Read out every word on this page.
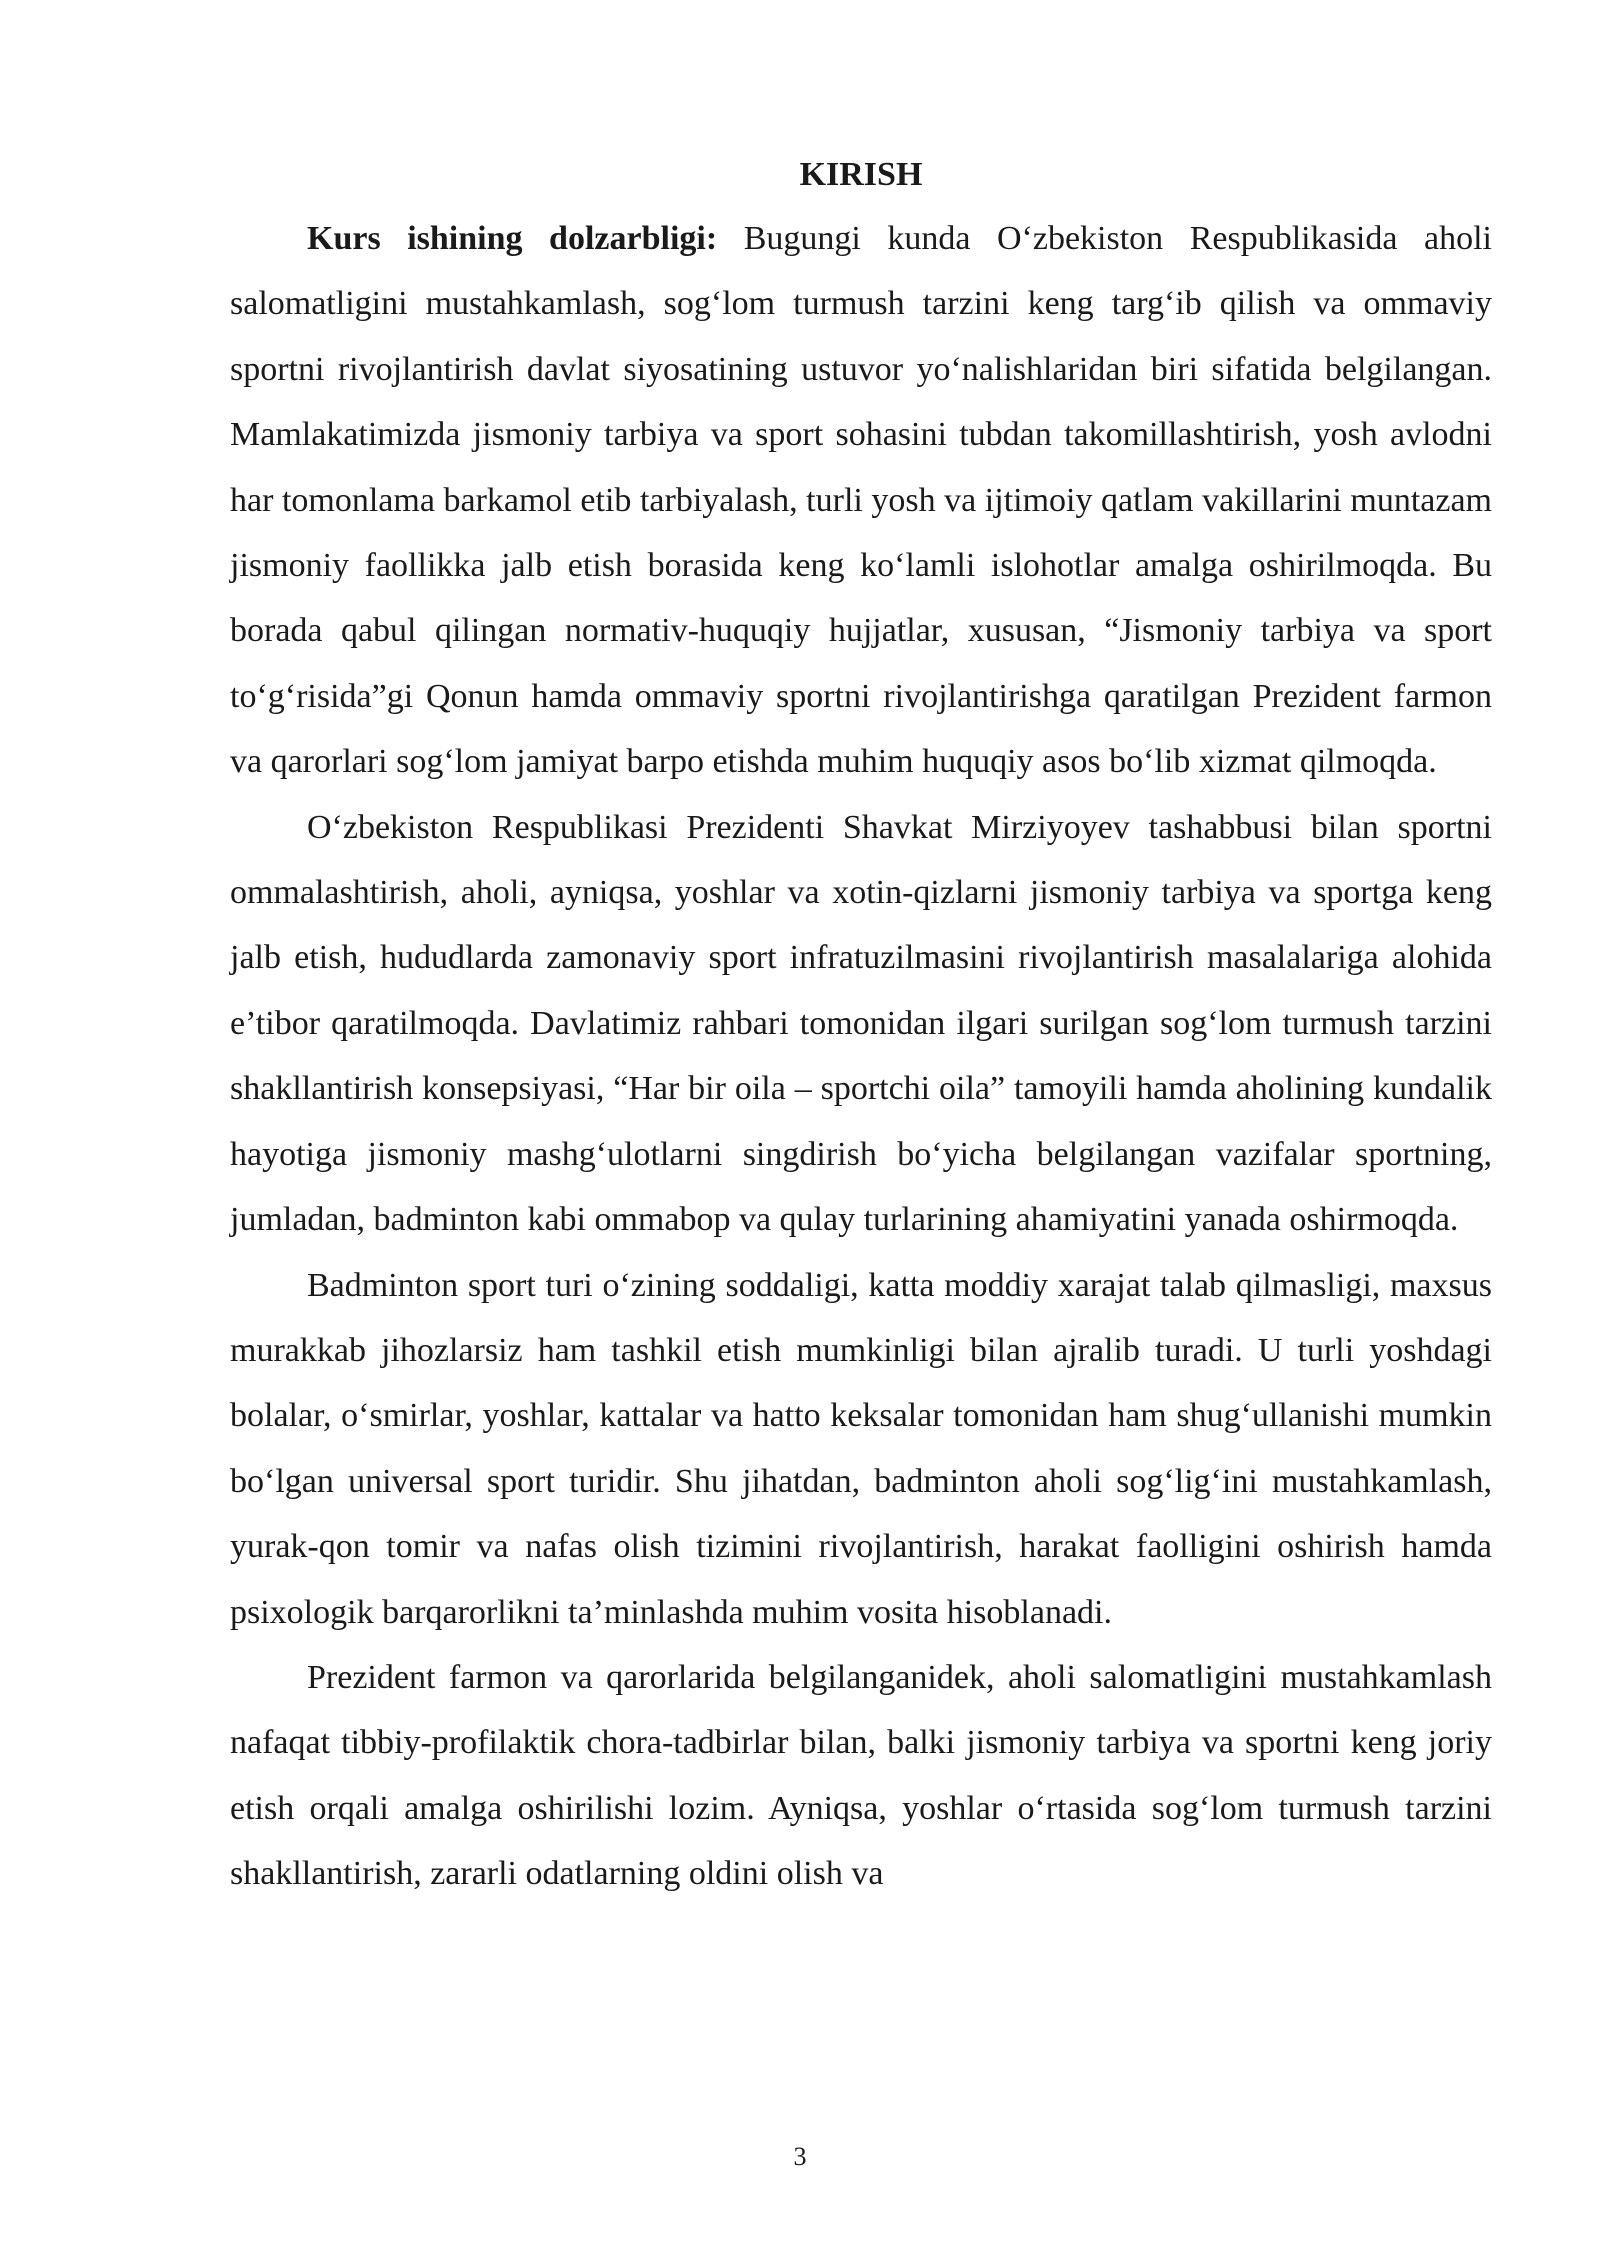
KIRISH

Kurs ishining dolzarbligi: Bugungi kunda O‘zbekiston Respublikasida aholi salomatligini mustahkamlash, sog‘lom turmush tarzini keng targ‘ib qilish va ommaviy sportni rivojlantirish davlat siyosatining ustuvor yo‘nalishlaridan biri sifatida belgilangan. Mamlakatimizda jismoniy tarbiya va sport sohasini tubdan takomillashtirish, yosh avlodni har tomonlama barkamol etib tarbiyalash, turli yosh va ijtimoiy qatlam vakillarini muntazam jismoniy faollikka jalb etish borasida keng ko‘lamli islohotlar amalga oshirilmoqda. Bu borada qabul qilingan normativ-huquqiy hujjatlar, xususan, “Jismoniy tarbiya va sport to‘g‘risida”gi Qonun hamda ommaviy sportni rivojlantirishga qaratilgan Prezident farmon va qarorlari sog‘lom jamiyat barpo etishda muhim huquqiy asos bo‘lib xizmat qilmoqda.

O‘zbekiston Respublikasi Prezidenti Shavkat Mirziyoyev tashabbusi bilan sportni ommalashtirish, aholi, ayniqsa, yoshlar va xotin-qizlarni jismoniy tarbiya va sportga keng jalb etish, hududlarda zamonaviy sport infratuzilmasini rivojlantirish masalalariga alohida e’tibor qaratilmoqda. Davlatimiz rahbari tomonidan ilgari surilgan sog‘lom turmush tarzini shakllantirish konsepsiyasi, “Har bir oila – sportchi oila” tamoyili hamda aholining kundalik hayotiga jismoniy mashg‘ulotlarni singdirish bo‘yicha belgilangan vazifalar sportning, jumladan, badminton kabi ommabop va qulay turlarining ahamiyatini yanada oshirmoqda.

Badminton sport turi o‘zining soddaligi, katta moddiy xarajat talab qilmasligi, maxsus murakkab jihozlarsiz ham tashkil etish mumkinligi bilan ajralib turadi. U turli yoshdagi bolalar, o‘smirlar, yoshlar, kattalar va hatto keksalar tomonidan ham shug‘ullanishi mumkin bo‘lgan universal sport turidir. Shu jihatdan, badminton aholi sog‘lig‘ini mustahkamlash, yurak-qon tomir va nafas olish tizimini rivojlantirish, harakat faolligini oshirish hamda psixologik barqarorlikni ta’minlashda muhim vosita hisoblanadi.

Prezident farmon va qarorlarida belgilanganidek, aholi salomatligini mustahkamlash nafaqat tibbiy-profilaktik chora-tadbirlar bilan, balki jismoniy tarbiya va sportni keng joriy etish orqali amalga oshirilishi lozim. Ayniqsa, yoshlar o‘rtasida sog‘lom turmush tarzini shakllantirish, zararli odatlarning oldini olish va

3
